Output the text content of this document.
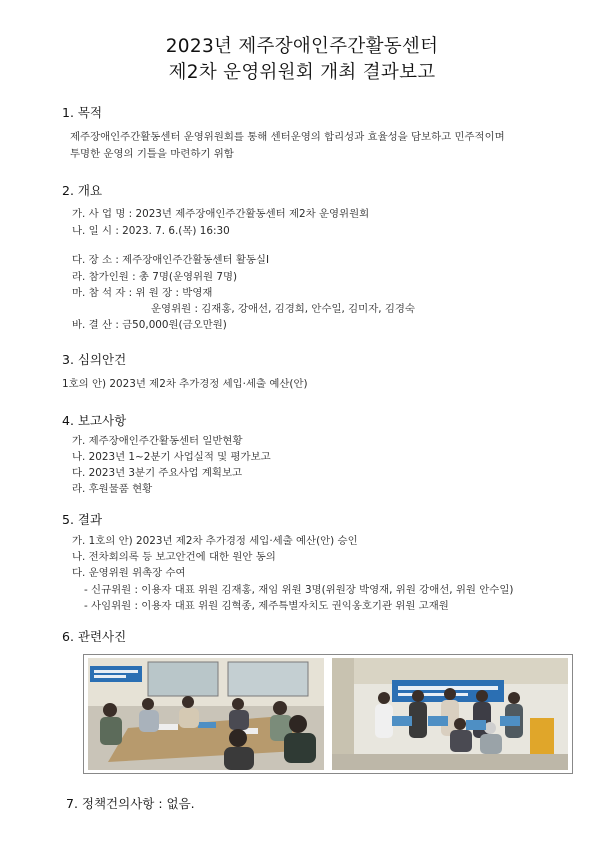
2023년 제주장애인주간활동센터
제2차 운영위원회 개최 결과보고
1. 목적
제주장애인주간활동센터 운영위원회를 통해 센터운영의 합리성과 효율성을 담보하고 민주적이며
투명한 운영의 기틀을 마련하기 위함
2. 개요
가. 사 업 명 : 2023년 제주장애인주간활동센터 제2차 운영위원회
나. 일 시 : 2023. 7. 6.(목) 16:30
다. 장 소 : 제주장애인주간활동센터 활동실Ⅰ
라. 참가인원 : 총 7명(운영위원 7명)
마. 참 석 자 : 위 원 장 : 박영재
운영위원 : 김재홍, 강애선, 김경희, 안수일, 김미자, 김경숙
바. 결 산 : 금50,000원(금오만원)
3. 심의안건
1호의 안) 2023년 제2차 추가경정 세입·세출 예산(안)
4. 보고사항
가. 제주장애인주간활동센터 일반현황
나. 2023년 1~2분기 사업실적 및 평가보고
다. 2023년 3분기 주요사업 계획보고
라. 후원물품 현황
5. 결과
가. 1호의 안) 2023년 제2차 추가경정 세입·세출 예산(안) 승인
나. 전차회의록 등 보고안건에 대한 원안 동의
다. 운영위원 위촉장 수여
- 신규위원 : 이용자 대표 위원 김재홍, 재임 위원 3명(위원장 박영재, 위원 강애선, 위원 안수일)
- 사임위원 : 이용자 대표 위원 김혁종, 제주특별자치도 권익옹호기관 위원 고재원
6. 관련사진
7. 정책건의사항 : 없음.
